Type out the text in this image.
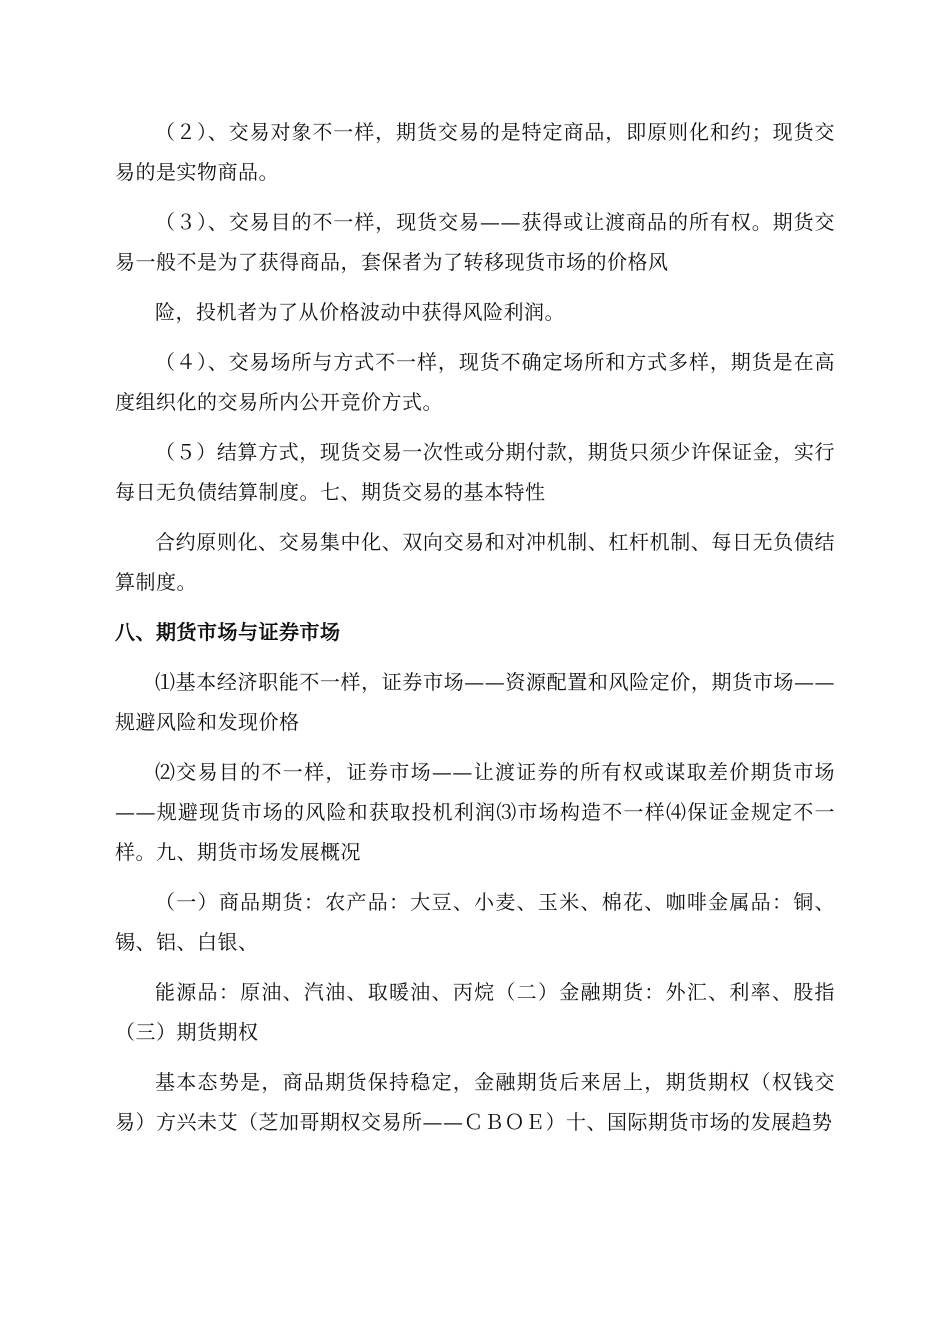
（２）、交易对象不一样，期货交易的是特定商品，即原则化和约；现货交易的是实物商品。

（３）、交易目的不一样，现货交易——获得或让渡商品的所有权。期货交易一般不是为了获得商品，套保者为了转移现货市场的价格风

险，投机者为了从价格波动中获得风险利润。

（４）、交易场所与方式不一样，现货不确定场所和方式多样，期货是在高度组织化的交易所内公开竞价方式。

（５）结算方式，现货交易一次性或分期付款，期货只须少许保证金，实行每日无负债结算制度。七、期货交易的基本特性

合约原则化、交易集中化、双向交易和对冲机制、杠杆机制、每日无负债结算制度。

八、期货市场与证券市场

⑴基本经济职能不一样，证券市场——资源配置和风险定价，期货市场——规避风险和发现价格

⑵交易目的不一样，证券市场——让渡证券的所有权或谋取差价期货市场——规避现货市场的风险和获取投机利润⑶市场构造不一样⑷保证金规定不一样。九、期货市场发展概况

（一）商品期货：农产品：大豆、小麦、玉米、棉花、咖啡金属品：铜、锡、铝、白银、

能源品：原油、汽油、取暖油、丙烷（二）金融期货：外汇、利率、股指（三）期货期权

基本态势是，商品期货保持稳定，金融期货后来居上，期货期权（权钱交易）方兴未艾（芝加哥期权交易所——ＣＢＯＥ）十、国际期货市场的发展趋势
